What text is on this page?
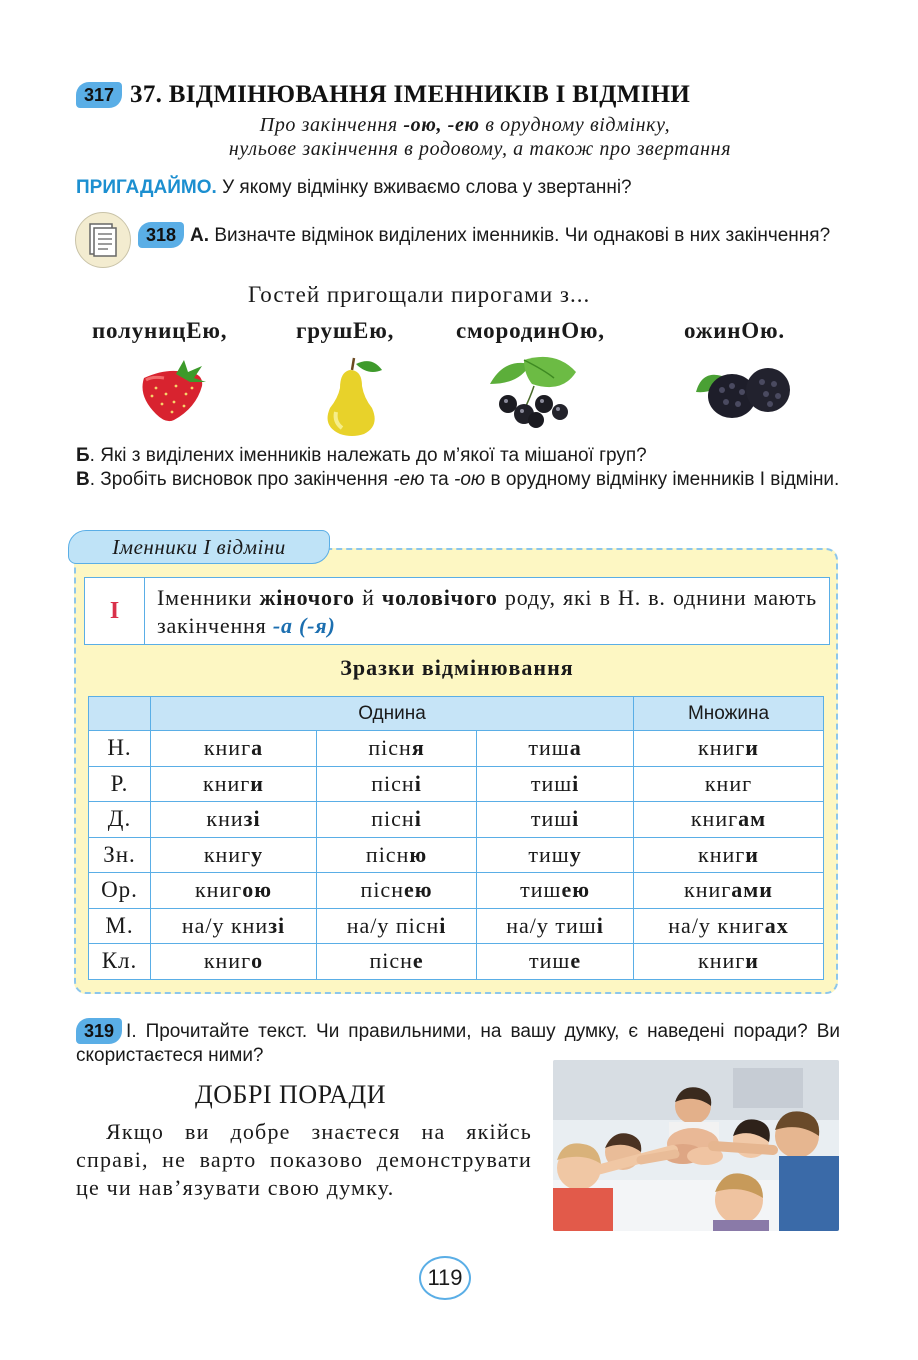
317 37. ВІДМІНЮВАННЯ ІМЕННИКІВ І ВІДМІНИ
Про закінчення -ою, -ею в орудному відмінку,
нульове закінчення в родовому, а також про звертання
ПРИГАДАЙМО. У якому відмінку вживаємо слова у звертанні?
318 А. Визначте відмінок виділених іменників. Чи однакові в них закінчення?
Гостей пригощали пирогами з...
полуницЕю,	грушЕю,	смородинОю,	ожинОю.
Б. Які з виділених іменників належать до м’якої та мішаної груп?
В. Зробіть висновок про закінчення -ею та -ою в орудному відмінку іменників І відміни.
Іменники І відміни
I	Іменники жіночого й чоловічого роду, які в Н. в. однини мають закінчення -а (-я)
Зразки відмінювання
	Однина			Множина
Н.	книга	пісня	тиша	книги
Р.	книги	пісні	тиші	книг
Д.	книзі	пісні	тиші	книгам
Зн.	книгу	пісню	тишу	книги
Ор.	книгою	піснею	тишею	книгами
М.	на/у книзі	на/у пісні	на/у тиші	на/у книгах
Кл.	книго	пісне	тише	книги
319 І. Прочитайте текст. Чи правильними, на вашу думку, є наведені поради? Ви скористаєтеся ними?
ДОБРІ ПОРАДИ
Якщо ви добре знаєтеся на якійсь справі, не варто показово демонструвати це чи нав’язувати свою думку.
119
